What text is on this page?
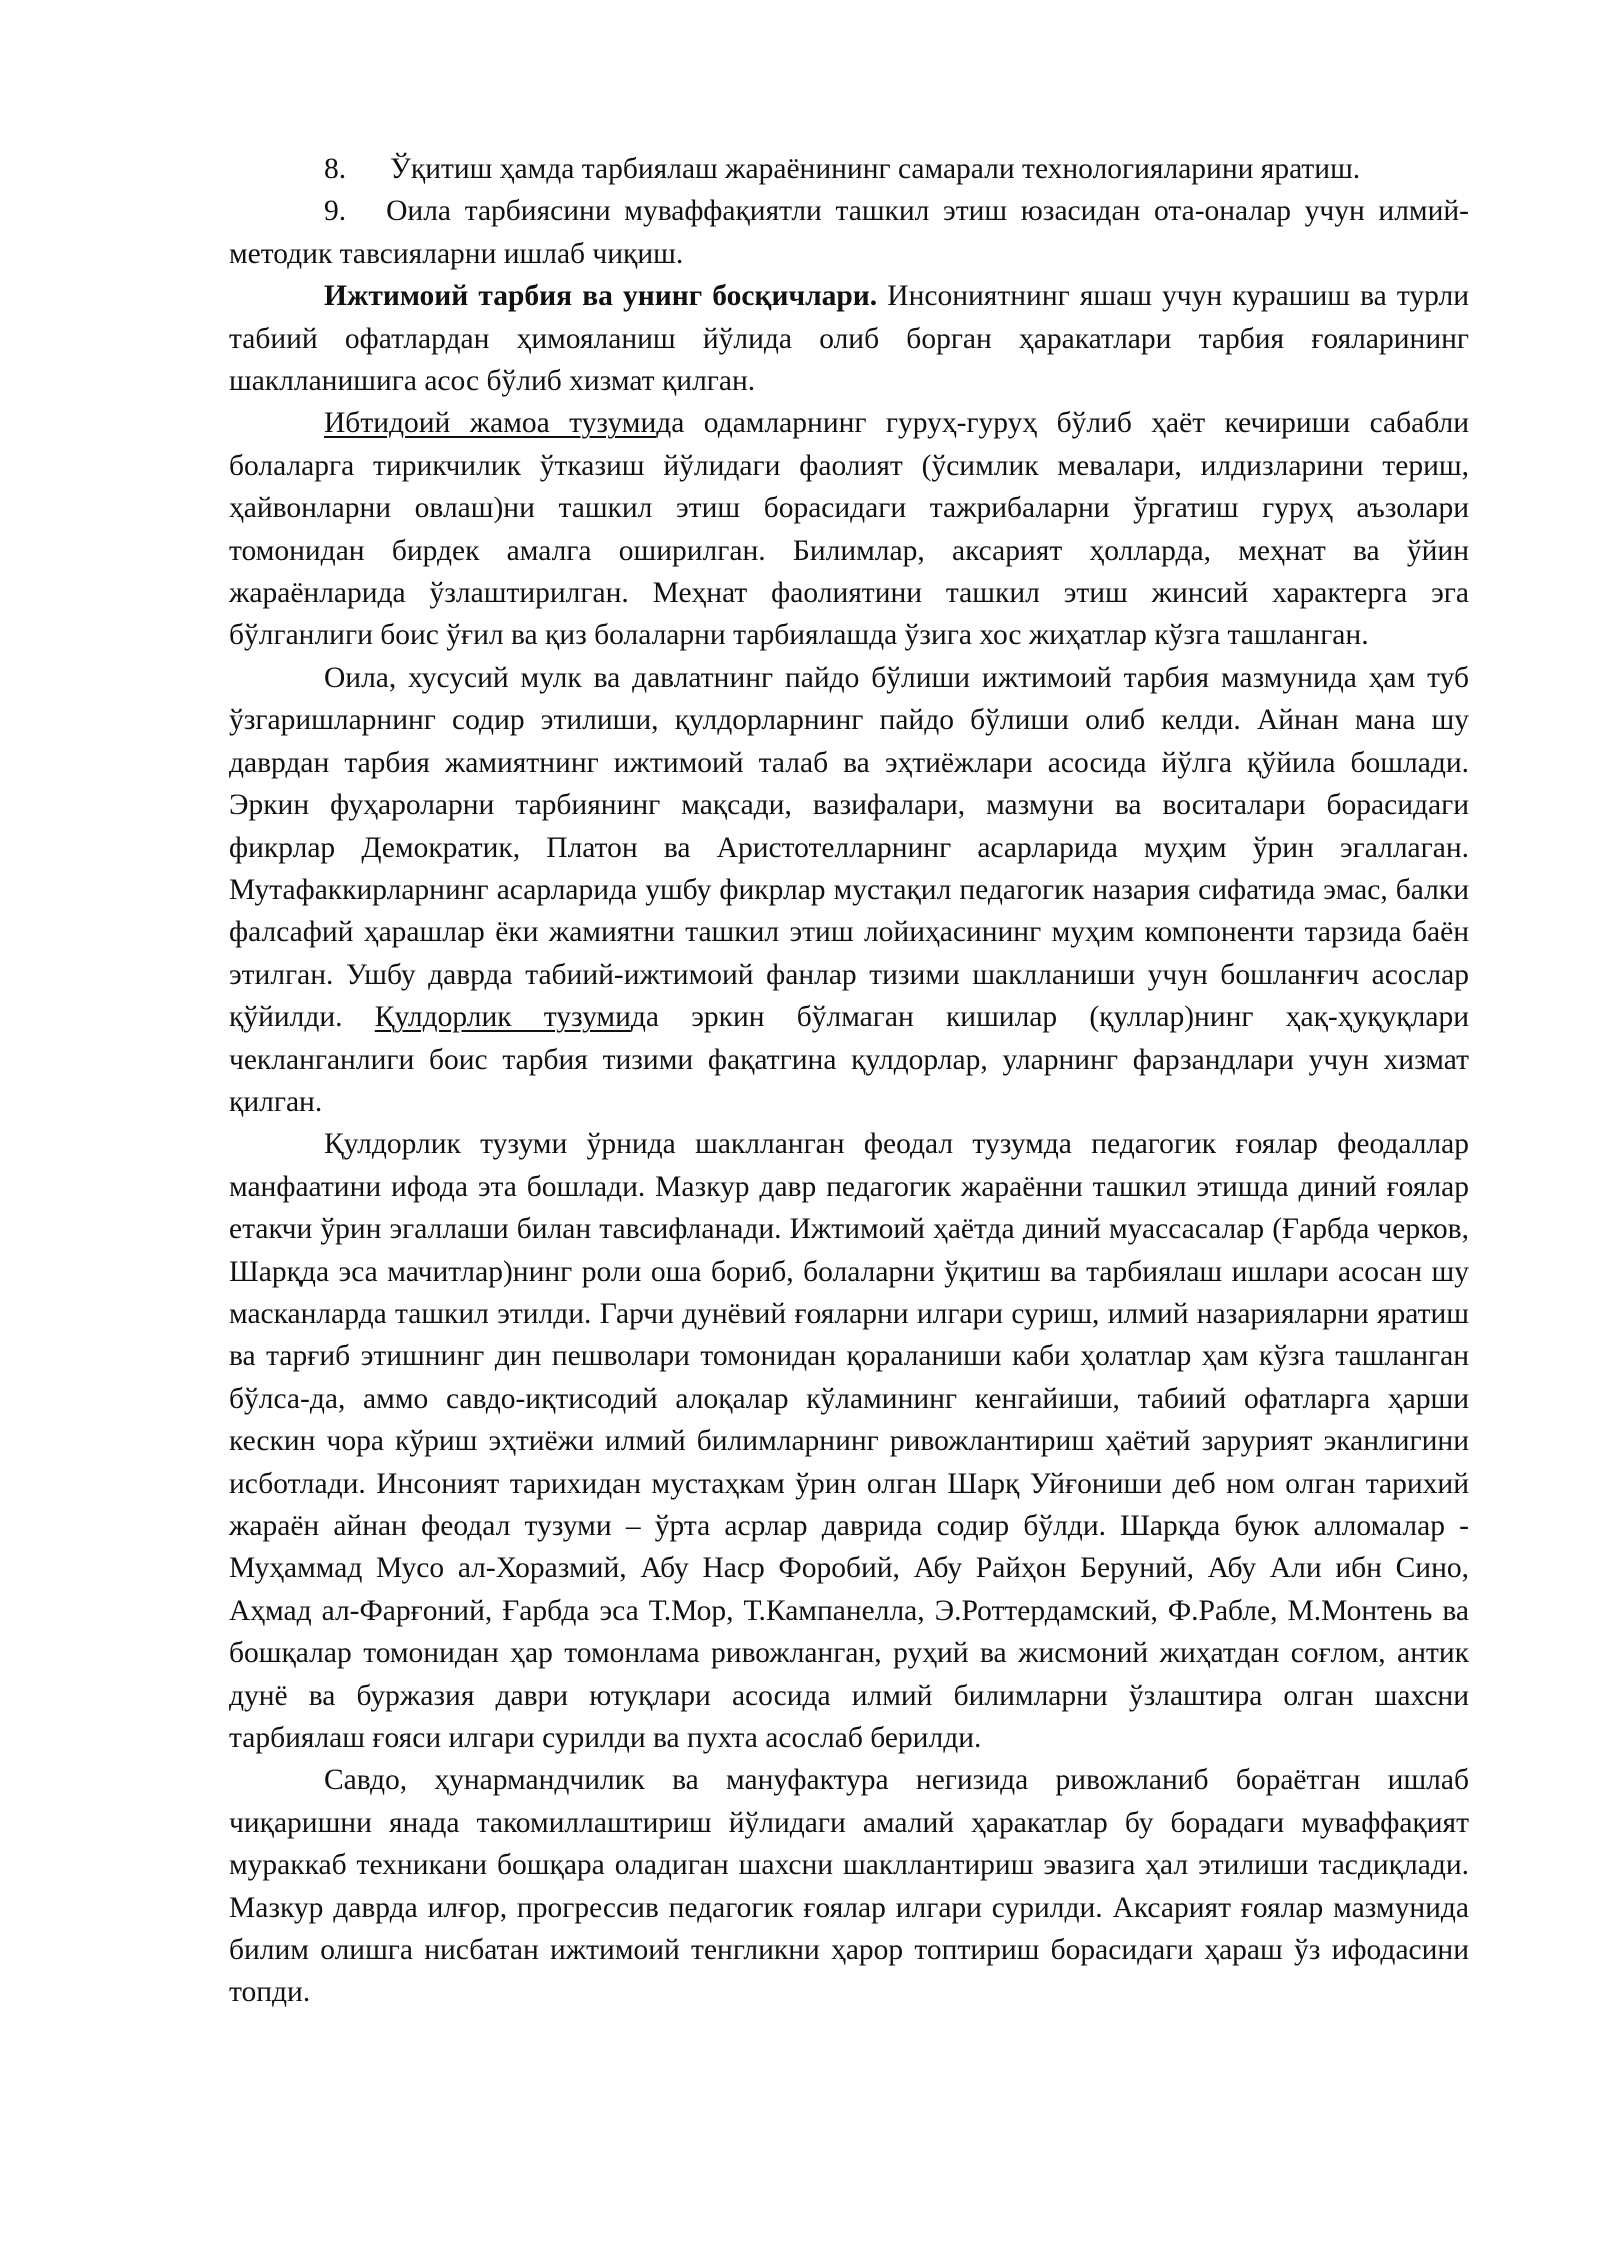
8. Ўқитиш ҳамда тарбиялаш жараёнининг самарали технологияларини яратиш.

9. Оила тарбиясини муваффақиятли ташкил этиш юзасидан ота-оналар учун илмий-методик тавсияларни ишлаб чиқиш.

Ижтимоий тарбия ва унинг босқичлари. Инсониятнинг яшаш учун курашиш ва турли табиий офатлардан ҳимояланиш йўлида олиб борган ҳаракатлари тарбия ғояларининг шаклланишига асос бўлиб хизмат қилган.

Ибтидоий жамоа тузумида одамларнинг гуруҳ-гуруҳ бўлиб ҳаёт кечириши сабабли болаларга тирикчилик ўтказиш йўлидаги фаолият (ўсимлик мевалари, илдизларини териш, ҳайвонларни овлаш)ни ташкил этиш борасидаги тажрибаларни ўргатиш гуруҳ аъзолари томонидан бирдек амалга оширилган. Билимлар, аксарият ҳолларда, меҳнат ва ўйин жараёнларида ўзлаштирилган. Меҳнат фаолиятини ташкил этиш жинсий характерга эга бўлганлиги боис ўғил ва қиз болаларни тарбиялашда ўзига хос жиҳатлар кўзга ташланган.

Оила, хусусий мулк ва давлатнинг пайдо бўлиши ижтимоий тарбия мазмунида ҳам туб ўзгаришларнинг содир этилиши, қулдорларнинг пайдо бўлиши олиб келди. Айнан мана шу даврдан тарбия жамиятнинг ижтимоий талаб ва эҳтиёжлари асосида йўлга қўйила бошлади. Эркин фуҳароларни тарбиянинг мақсади, вазифалари, мазмуни ва воситалари борасидаги фикрлар Демократик, Платон ва Аристотелларнинг асарларида муҳим ўрин эгаллаган. Мутафаккирларнинг асарларида ушбу фикрлар мустақил педагогик назария сифатида эмас, балки фалсафий ҳарашлар ёки жамиятни ташкил этиш лойиҳасининг муҳим компоненти тарзида баён этилган. Ушбу даврда табиий-ижтимоий фанлар тизими шаклланиши учун бошланғич асослар қўйилди. Қулдорлик тузумида эркин бўлмаган кишилар (қуллар)нинг ҳақ-ҳуқуқлари чекланганлиги боис тарбия тизими фақатгина қулдорлар, уларнинг фарзандлари учун хизмат қилган.

Қулдорлик тузуми ўрнида шаклланган феодал тузумда педагогик ғоялар феодаллар манфаатини ифода эта бошлади. Мазкур давр педагогик жараённи ташкил этишда диний ғоялар етакчи ўрин эгаллаши билан тавсифланади. Ижтимоий ҳаётда диний муассасалар (Ғарбда черков, Шарқда эса мачитлар)нинг роли оша бориб, болаларни ўқитиш ва тарбиялаш ишлари асосан шу масканларда ташкил этилди. Гарчи дунёвий ғояларни илгари суриш, илмий назарияларни яратиш ва тарғиб этишнинг дин пешволари томонидан қораланиши каби ҳолатлар ҳам кўзга ташланган бўлса-да, аммо савдо-иқтисодий алоқалар кўламининг кенгайиши, табиий офатларга ҳарши кескин чора кўриш эҳтиёжи илмий билимларнинг ривожлантириш ҳаётий зарурият эканлигини исботлади. Инсоният тарихидан мустаҳкам ўрин олган Шарқ Уйғониши деб ном олган тарихий жараён айнан феодал тузуми – ўрта асрлар даврида содир бўлди. Шарқда буюк алломалар - Муҳаммад Мусо ал-Хоразмий, Абу Наср Форобий, Абу Райҳон Беруний, Абу Али ибн Сино, Аҳмад ал-Фарғоний, Ғарбда эса Т.Мор, Т.Кампанелла, Э.Роттердамский, Ф.Рабле, М.Монтень ва бошқалар томонидан ҳар томонлама ривожланган, руҳий ва жисмоний жиҳатдан соғлом, антик дунё ва буржазия даври ютуқлари асосида илмий билимларни ўзлаштира олган шахсни тарбиялаш ғояси илгари сурилди ва пухта асослаб берилди.

Савдо, ҳунармандчилик ва мануфактура негизида ривожланиб бораётган ишлаб чиқаришни янада такомиллаштириш йўлидаги амалий ҳаракатлар бу борадаги муваффақият мураккаб техникани бошқара оладиган шахсни шакллантириш эвазига ҳал этилиши тасдиқлади. Мазкур даврда илғор, прогрессив педагогик ғоялар илгари сурилди. Аксарият ғоялар мазмунида билим олишга нисбатан ижтимоий тенгликни ҳарор топтириш борасидаги ҳараш ўз ифодасини топди.
